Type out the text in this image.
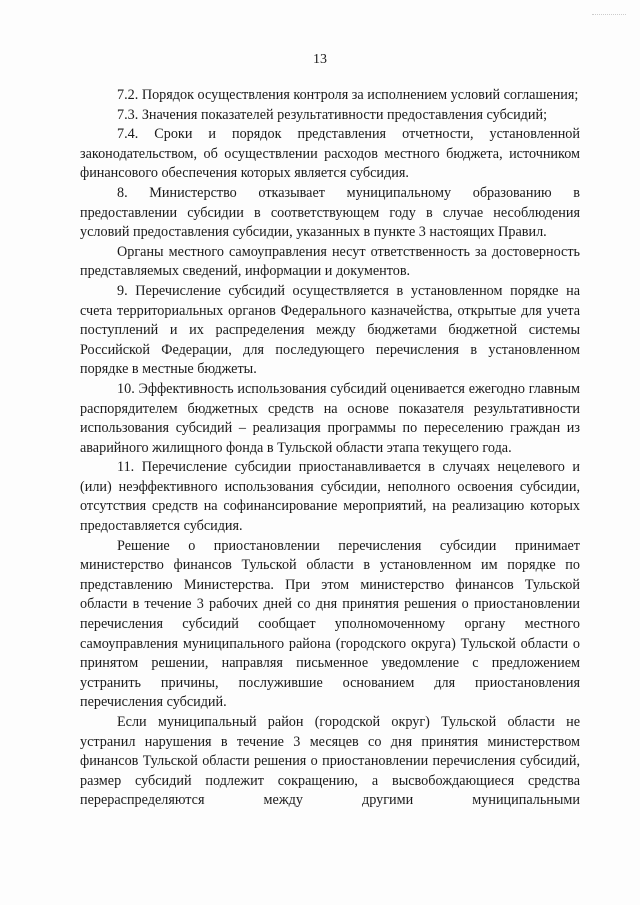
13

7.2. Порядок осуществления контроля за исполнением условий соглашения;

7.3. Значения показателей результативности предоставления субсидий;

7.4. Сроки и порядок представления отчетности, установленной законодательством, об осуществлении расходов местного бюджета, источником финансового обеспечения которых является субсидия.

8. Министерство отказывает муниципальному образованию в предоставлении субсидии в соответствующем году в случае несоблюдения условий предоставления субсидии, указанных в пункте 3 настоящих Правил.

Органы местного самоуправления несут ответственность за достоверность представляемых сведений, информации и документов.

9. Перечисление субсидий осуществляется в установленном порядке на счета территориальных органов Федерального казначейства, открытые для учета поступлений и их распределения между бюджетами бюджетной системы Российской Федерации, для последующего перечисления в установленном порядке в местные бюджеты.

10. Эффективность использования субсидий оценивается ежегодно главным распорядителем бюджетных средств на основе показателя результативности использования субсидий – реализация программы по переселению граждан из аварийного жилищного фонда в Тульской области этапа текущего года.

11. Перечисление субсидии приостанавливается в случаях нецелевого и (или) неэффективного использования субсидии, неполного освоения субсидии, отсутствия средств на софинансирование мероприятий, на реализацию которых предоставляется субсидия.

Решение о приостановлении перечисления субсидии принимает министерство финансов Тульской области в установленном им порядке по представлению Министерства. При этом министерство финансов Тульской области в течение 3 рабочих дней со дня принятия решения о приостановлении перечисления субсидий сообщает уполномоченному органу местного самоуправления муниципального района (городского округа) Тульской области о принятом решении, направляя письменное уведомление с предложением устранить причины, послужившие основанием для приостановления перечисления субсидий.

Если муниципальный район (городской округ) Тульской области не устранил нарушения в течение 3 месяцев со дня принятия министерством финансов Тульской области решения о приостановлении перечисления субсидий, размер субсидий подлежит сокращению, а высвобождающиеся средства перераспределяются между другими муниципальными
